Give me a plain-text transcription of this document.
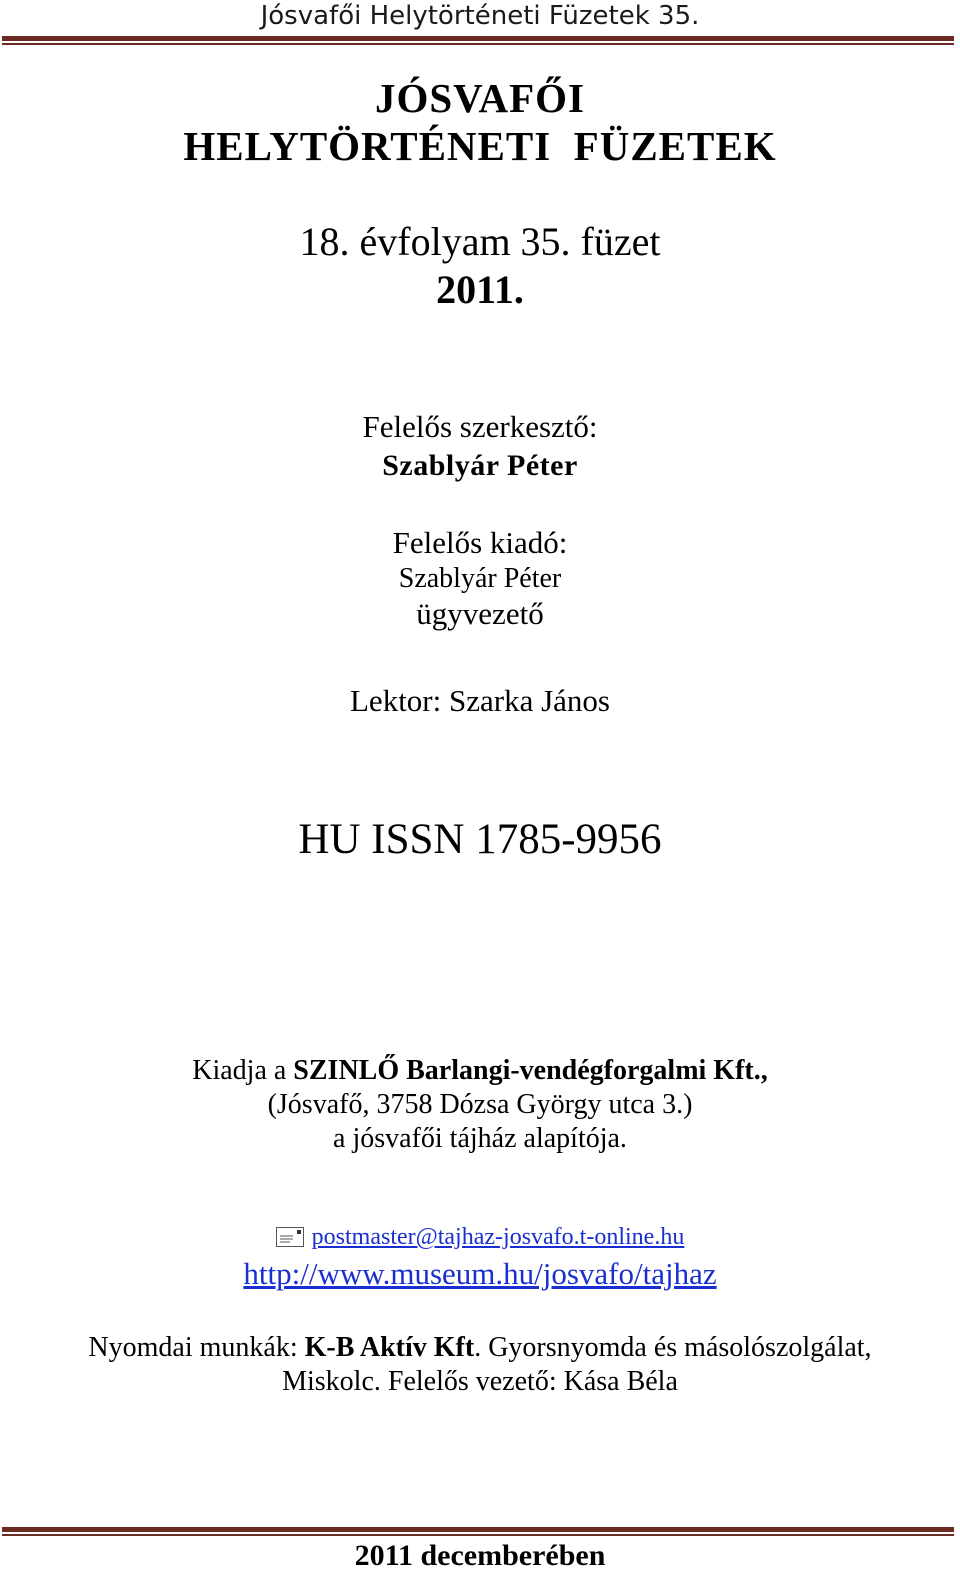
Jósvafői Helytörténeti Füzetek 35.
JÓSVAFŐI
HELYTÖRTÉNETI  FÜZETEK
18. évfolyam 35. füzet
2011.
Felelős szerkesztő:
Szablyár Péter
Felelős kiadó:
Szablyár Péter
ügyvezető
Lektor: Szarka János
HU ISSN 1785-9956
Kiadja a SZINLŐ Barlangi-vendégforgalmi Kft.,
(Jósvafő, 3758 Dózsa György utca 3.)
a jósvafői tájház alapítója.
postmaster@tajhaz-josvafo.t-online.hu
http://www.museum.hu/josvafo/tajhaz
Nyomdai munkák: K-B Aktív Kft. Gyorsnyomda és másolószolgálat,
Miskolc. Felelős vezető: Kása Béla
2011 decemberében
